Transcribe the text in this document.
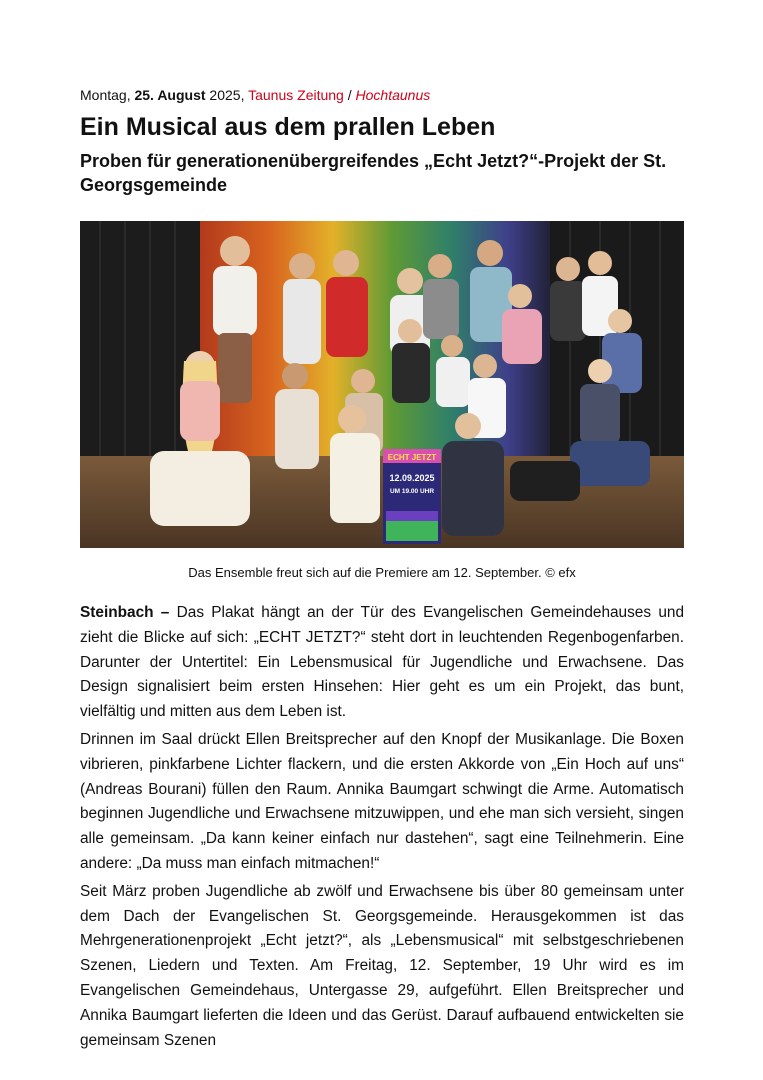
Montag, 25. August 2025, Taunus Zeitung / Hochtaunus
Ein Musical aus dem prallen Leben
Proben für generationenübergreifendes „Echt Jetzt?“-Projekt der St. Georgsgemeinde
ECHT JETZT
12.09.2025
UM 19.00 UHR
Das Ensemble freut sich auf die Premiere am 12. September. © efx

Steinbach – Das Plakat hängt an der Tür des Evangelischen Gemeindehauses und zieht die Blicke auf sich: „ECHT JETZT?“ steht dort in leuchtenden Regenbogenfarben. Darunter der Untertitel: Ein Lebensmusical für Jugendliche und Erwachsene. Das Design signalisiert beim ersten Hinsehen: Hier geht es um ein Projekt, das bunt, vielfältig und mitten aus dem Leben ist.

Drinnen im Saal drückt Ellen Breitsprecher auf den Knopf der Musikanlage. Die Boxen vibrieren, pinkfarbene Lichter flackern, und die ersten Akkorde von „Ein Hoch auf uns“ (Andreas Bourani) füllen den Raum. Annika Baumgart schwingt die Arme. Automatisch beginnen Jugendliche und Erwachsene mitzuwippen, und ehe man sich versieht, singen alle gemeinsam. „Da kann keiner einfach nur dastehen“, sagt eine Teilnehmerin. Eine andere: „Da muss man einfach mitmachen!“

Seit März proben Jugendliche ab zwölf und Erwachsene bis über 80 gemeinsam unter dem Dach der Evangelischen St. Georgsgemeinde. Herausgekommen ist das Mehrgenerationenprojekt „Echt jetzt?“, als „Lebensmusical“ mit selbstgeschriebenen Szenen, Liedern und Texten. Am Freitag, 12. September, 19 Uhr wird es im Evangelischen Gemeindehaus, Untergasse 29, aufgeführt. Ellen Breitsprecher und Annika Baumgart lieferten die Ideen und das Gerüst. Darauf aufbauend entwickelten sie gemeinsam Szenen
